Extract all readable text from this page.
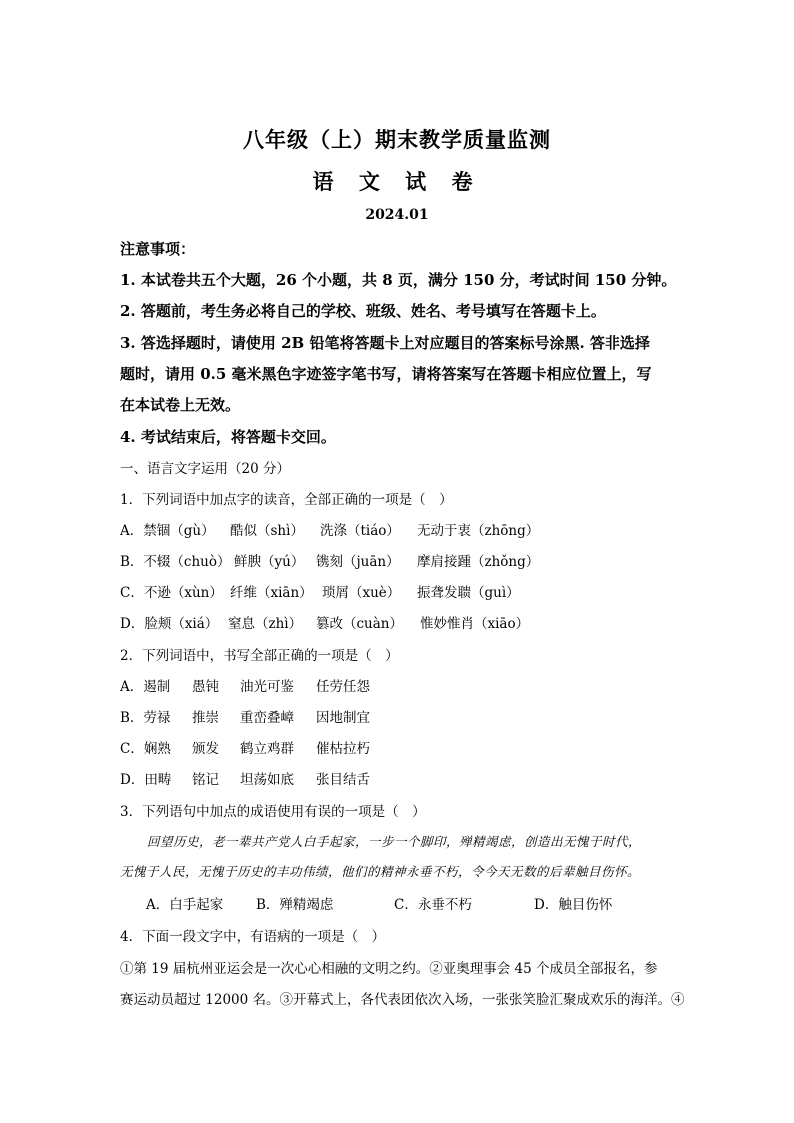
八年级（上）期末教学质量监测
语 文 试 卷
2024.01
注意事项：
1. 本试卷共五个大题，26 个小题，共 8 页，满分 150 分，考试时间 150 分钟。
2. 答题前，考生务必将自己的学校、班级、姓名、考号填写在答题卡上。
3. 答选择题时，请使用 2B 铅笔将答题卡上对应题目的答案标号涂黑. 答非选择
题时，请用 0.5 毫米黑色字迹签字笔书写，请将答案写在答题卡相应位置上，写
在本试卷上无效。
4. 考试结束后，将答题卡交回。
一、语言文字运用（20 分）
1．下列词语中加点字的读音，全部正确的一项是（　）
A．禁锢（gù） 酷似（shì） 洗涤（tiáo） 无动于衷（zhōng）
B．不辍（chuò） 鲜腴（yú） 镌刻（juān） 摩肩接踵（zhǒng）
C．不逊（xùn） 纤维（xiān） 琐屑（xuè） 振聋发聩（guì）
D．脸颊（xiá） 窒息（zhì） 篡改（cuàn） 惟妙惟肖（xiāo）
2．下列词语中，书写全部正确的一项是（　）
A．遏制 愚钝 油光可鉴 任劳任怨
B．劳禄 推崇 重峦叠嶂 因地制宜
C．娴熟 颁发 鹤立鸡群 催枯拉朽
D．田畴 铭记 坦荡如底 张目结舌
3．下列语句中加点的成语使用有误的一项是（　）
回望历史，老一辈共产党人白手起家，一步一个脚印，殚精竭虑，创造出无愧于时代，
无愧于人民，无愧于历史的丰功伟绩，他们的精神永垂不朽，令今天无数的后辈触目伤怀。
A．白手起家 B．殚精竭虑	C．永垂不朽	D．触目伤怀
4．下面一段文字中，有语病的一项是（　）
①第 19 届杭州亚运会是一次心心相融的文明之约。②亚奥理事会 45 个成员全部报名，参
赛运动员超过 12000 名。③开幕式上，各代表团依次入场，一张张笑脸汇聚成欢乐的海洋。④
